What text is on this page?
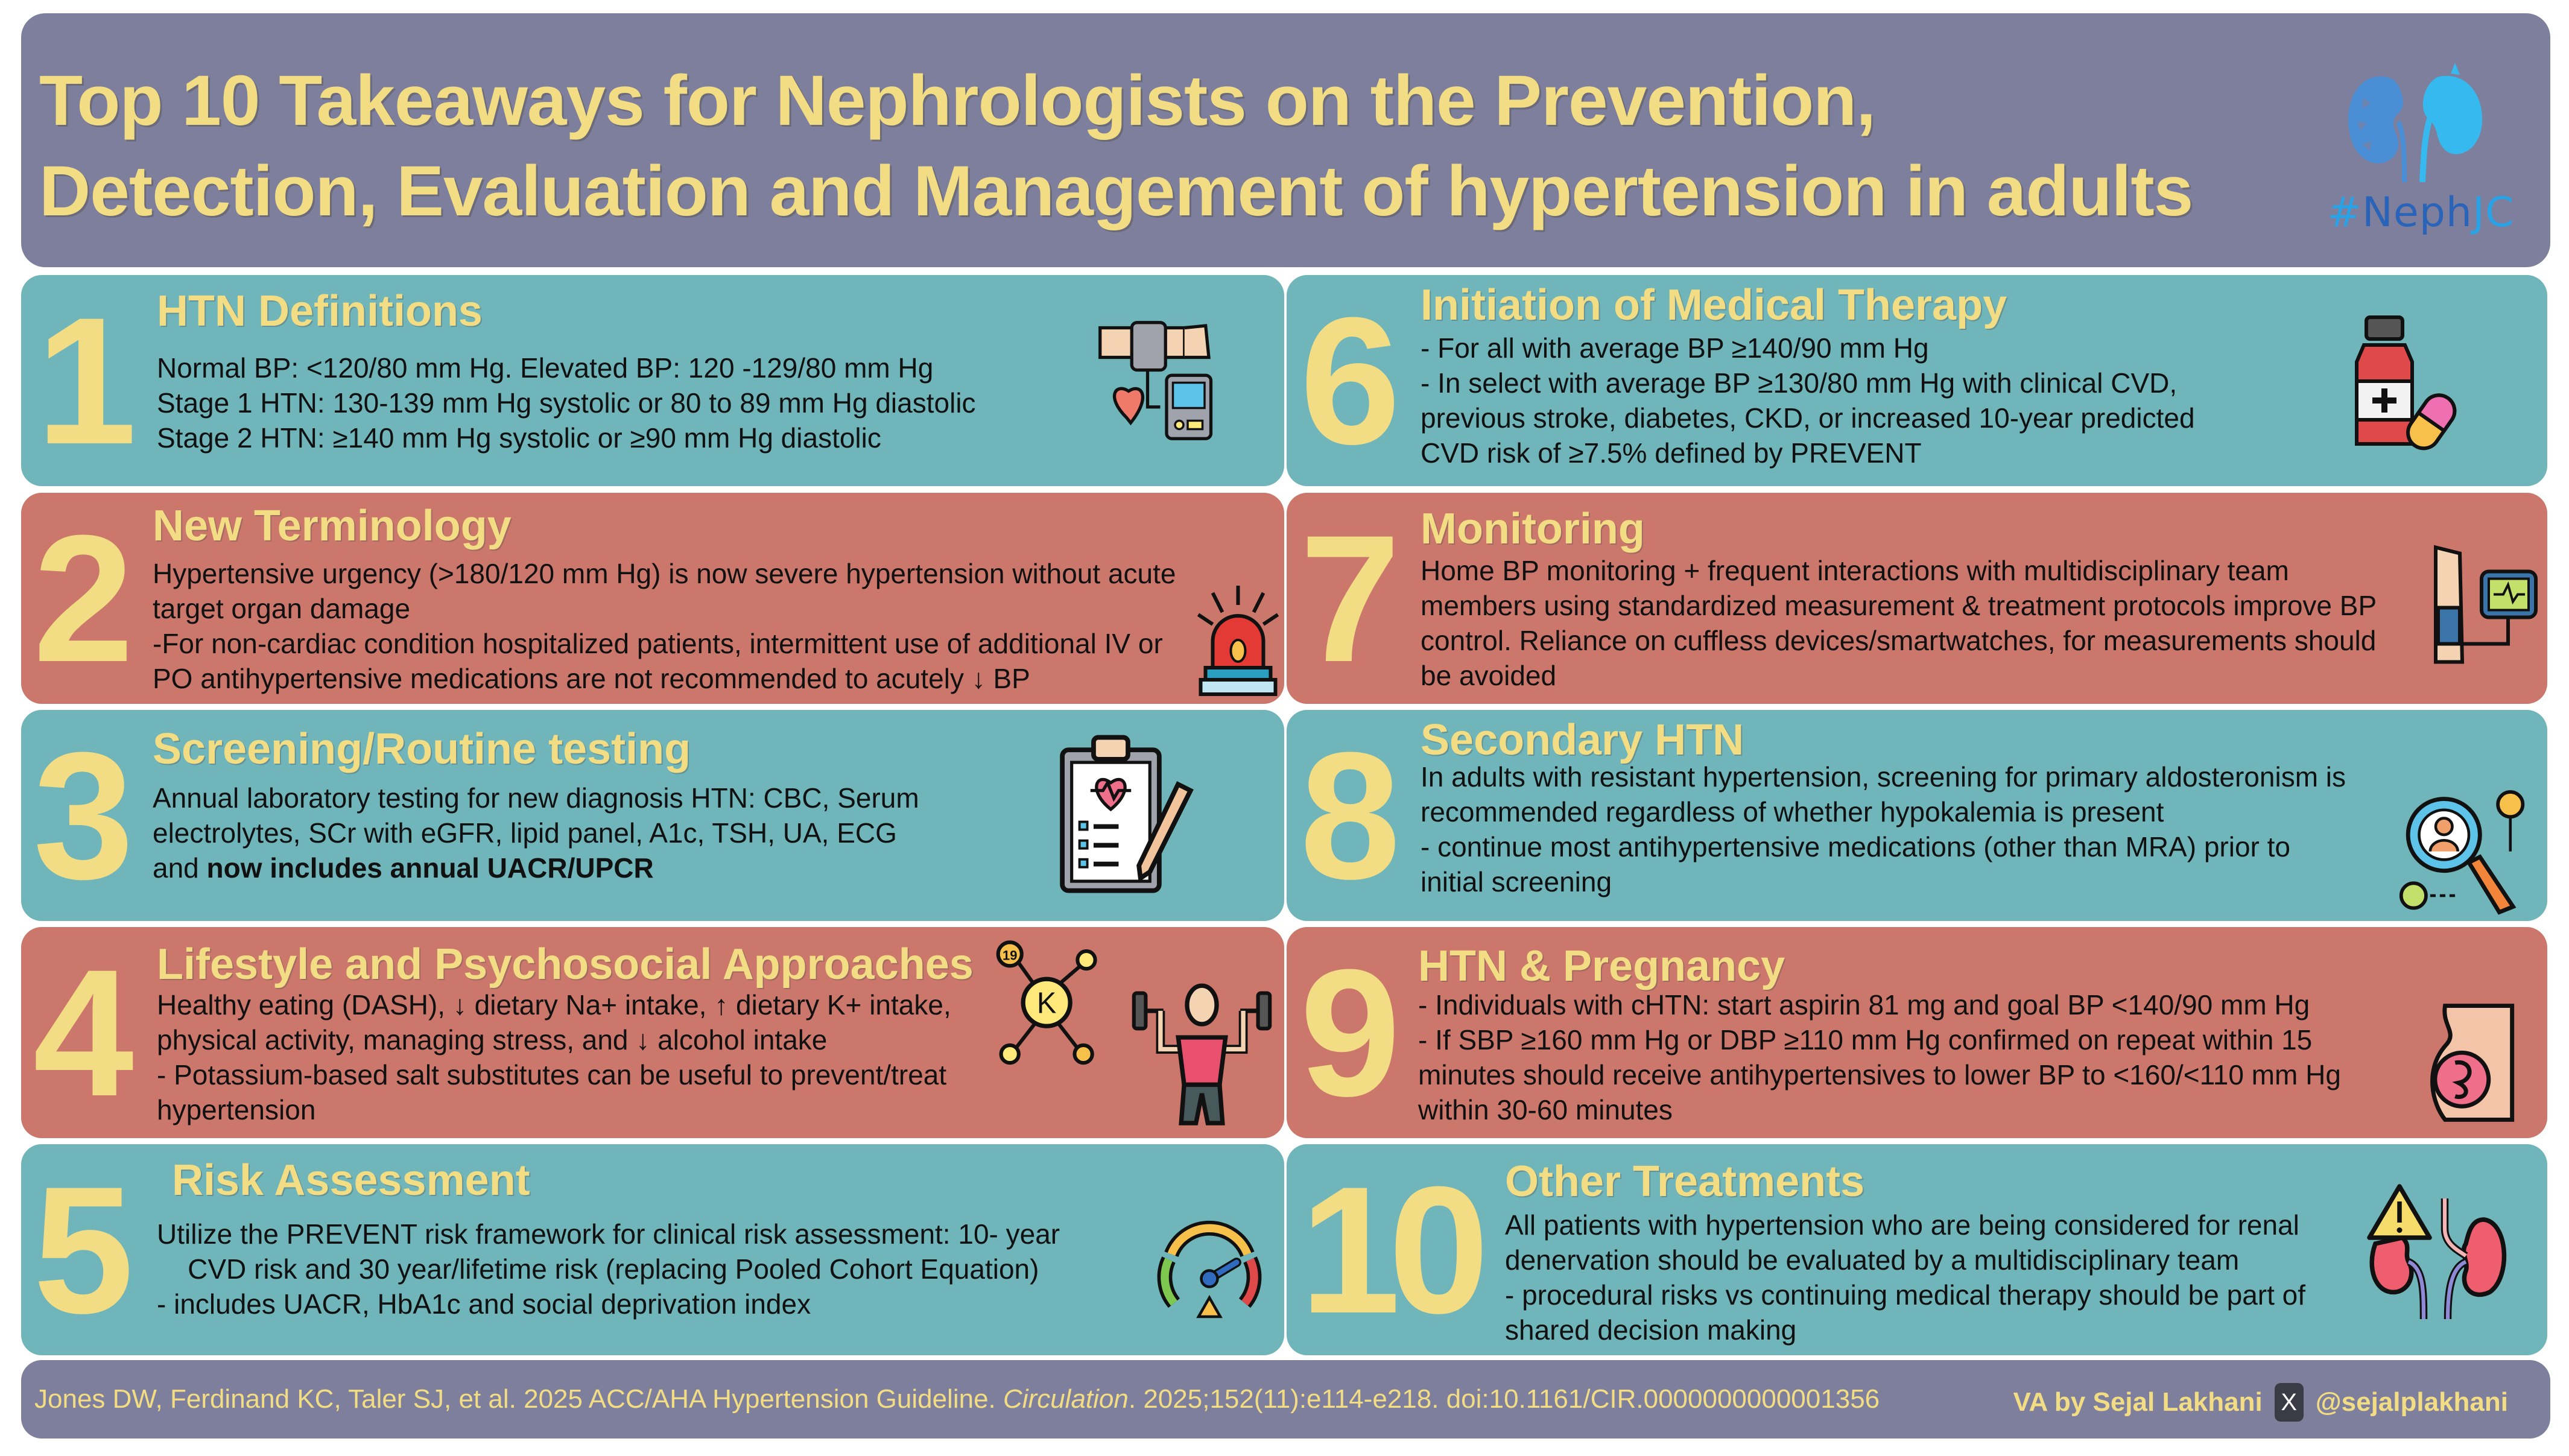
Top 10 Takeaways for Nephrologists on the Prevention,
Detection, Evaluation and Management of hypertension in adults	#NephJC
1 HTN Definitions
Normal BP: <120/80 mm Hg. Elevated BP: 120 -129/80 mm Hg
Stage 1 HTN: 130-139 mm Hg systolic or 80 to 89 mm Hg diastolic
Stage 2 HTN: ≥140 mm Hg systolic or ≥90 mm Hg diastolic	6 Initiation of Medical Therapy
- For all with average BP ≥140/90 mm Hg
- In select with average BP ≥130/80 mm Hg with clinical CVD,
previous stroke, diabetes, CKD, or increased 10-year predicted
CVD risk of ≥7.5% defined by PREVENT
2 New Terminology
Hypertensive urgency (>180/120 mm Hg) is now severe hypertension without acute
target organ damage
-For non-cardiac condition hospitalized patients, intermittent use of additional IV or
PO antihypertensive medications are not recommended to acutely ↓ BP	7 Monitoring
Home BP monitoring + frequent interactions with multidisciplinary team
members using standardized measurement & treatment protocols improve BP
control. Reliance on cuffless devices/smartwatches, for measurements should
be avoided
3 Screening/Routine testing
Annual laboratory testing for new diagnosis HTN: CBC, Serum
electrolytes, SCr with eGFR, lipid panel, A1c, TSH, UA, ECG
and now includes annual UACR/UPCR	8 Secondary HTN
In adults with resistant hypertension, screening for primary aldosteronism is
recommended regardless of whether hypokalemia is present
- continue most antihypertensive medications (other than MRA) prior to
initial screening
4 Lifestyle and Psychosocial Approaches
Healthy eating (DASH), ↓ dietary Na+ intake, ↑ dietary K+ intake,
physical activity, managing stress, and ↓ alcohol intake
- Potassium-based salt substitutes can be useful to prevent/treat
hypertension
19
K 9 HTN & Pregnancy
- Individuals with cHTN: start aspirin 81 mg and goal BP <140/90 mm Hg
- If SBP ≥160 mm Hg or DBP ≥110 mm Hg confirmed on repeat within 15
minutes should receive antihypertensives to lower BP to <160/<110 mm Hg
within 30-60 minutes
5 Risk Assessment
Utilize the PREVENT risk framework for clinical risk assessment: 10- year
CVD risk and 30 year/lifetime risk (replacing Pooled Cohort Equation)
- includes UACR, HbA1c and social deprivation index	10 Other Treatments
All patients with hypertension who are being considered for renal
denervation should be evaluated by a multidisciplinary team
- procedural risks vs continuing medical therapy should be part of
shared decision making
Jones DW, Ferdinand KC, Taler SJ, et al. 2025 ACC/AHA Hypertension Guideline. Circulation. 2025;152(11):e114-e218. doi:10.1161/CIR.0000000000001356	VA by Sejal Lakhani X @sejalplakhani
